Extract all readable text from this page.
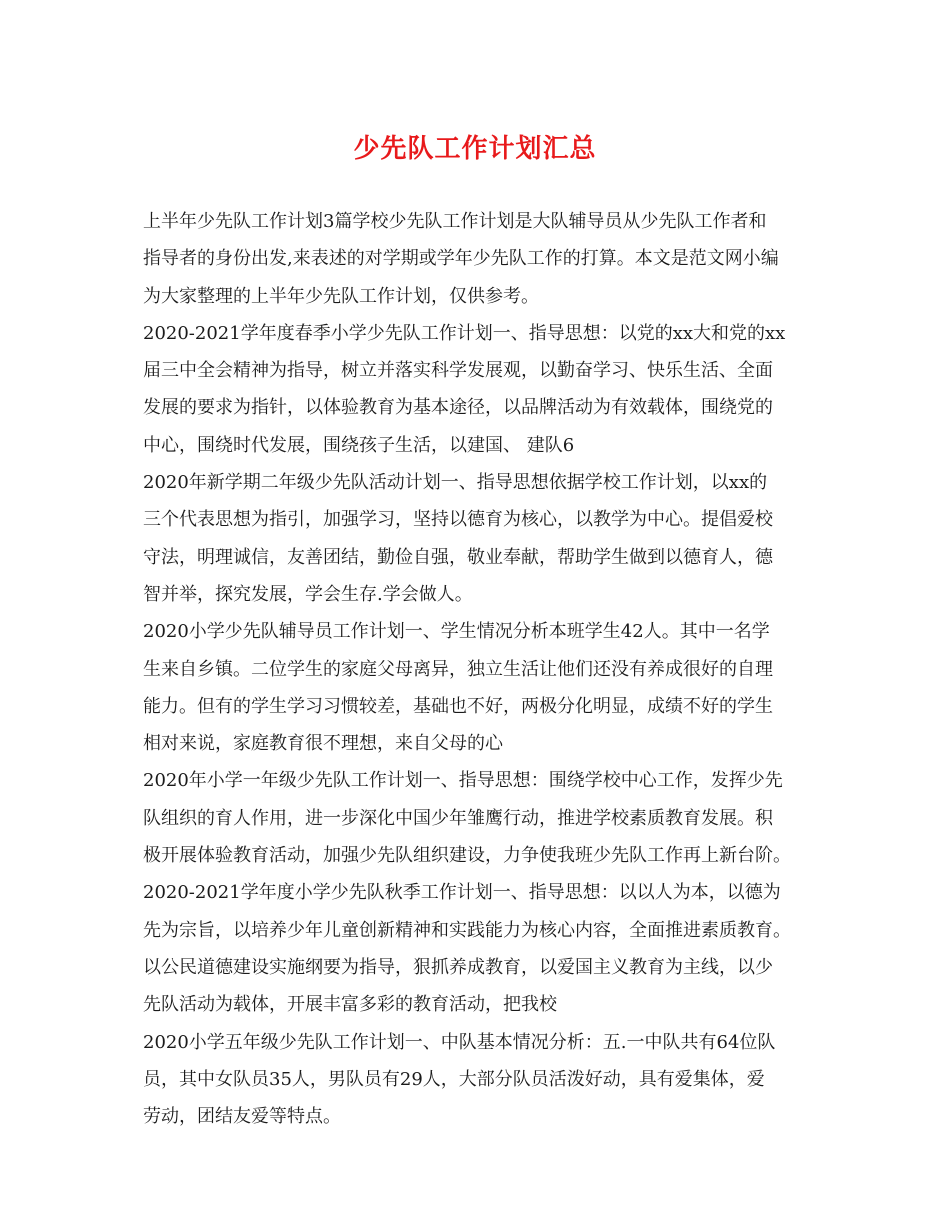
少先队工作计划汇总
上半年少先队工作计划3篇学校少先队工作计划是大队辅导员从少先队工作者和
指导者的身份出发,来表述的对学期或学年少先队工作的打算。本文是范文网小编
为大家整理的上半年少先队工作计划，仅供参考。
2020-2021学年度春季小学少先队工作计划一、指导思想：以党的xx大和党的xx
届三中全会精神为指导，树立并落实科学发展观，以勤奋学习、快乐生活、全面
发展的要求为指针，以体验教育为基本途径，以品牌活动为有效载体，围绕党的
中心，围绕时代发展，围绕孩子生活，以建国、 建队6
2020年新学期二年级少先队活动计划一、指导思想依据学校工作计划，以xx的
三个代表思想为指引，加强学习，坚持以德育为核心，以教学为中心。提倡爱校
守法，明理诚信，友善团结，勤俭自强，敬业奉献，帮助学生做到以德育人，德
智并举，探究发展，学会生存.学会做人。
2020小学少先队辅导员工作计划一、学生情况分析本班学生42人。其中一名学
生来自乡镇。二位学生的家庭父母离异，独立生活让他们还没有养成很好的自理
能力。但有的学生学习习惯较差，基础也不好，两极分化明显，成绩不好的学生
相对来说，家庭教育很不理想，来自父母的心
2020年小学一年级少先队工作计划一、指导思想：围绕学校中心工作，发挥少先
队组织的育人作用，进一步深化中国少年雏鹰行动，推进学校素质教育发展。积
极开展体验教育活动，加强少先队组织建设，力争使我班少先队工作再上新台阶。
2020-2021学年度小学少先队秋季工作计划一、指导思想：以以人为本，以德为
先为宗旨，以培养少年儿童创新精神和实践能力为核心内容，全面推进素质教育。
以公民道德建设实施纲要为指导，狠抓养成教育，以爱国主义教育为主线，以少
先队活动为载体，开展丰富多彩的教育活动，把我校
2020小学五年级少先队工作计划一、中队基本情况分析：五.一中队共有64位队
员，其中女队员35人，男队员有29人，大部分队员活泼好动，具有爱集体，爱
劳动，团结友爱等特点。
